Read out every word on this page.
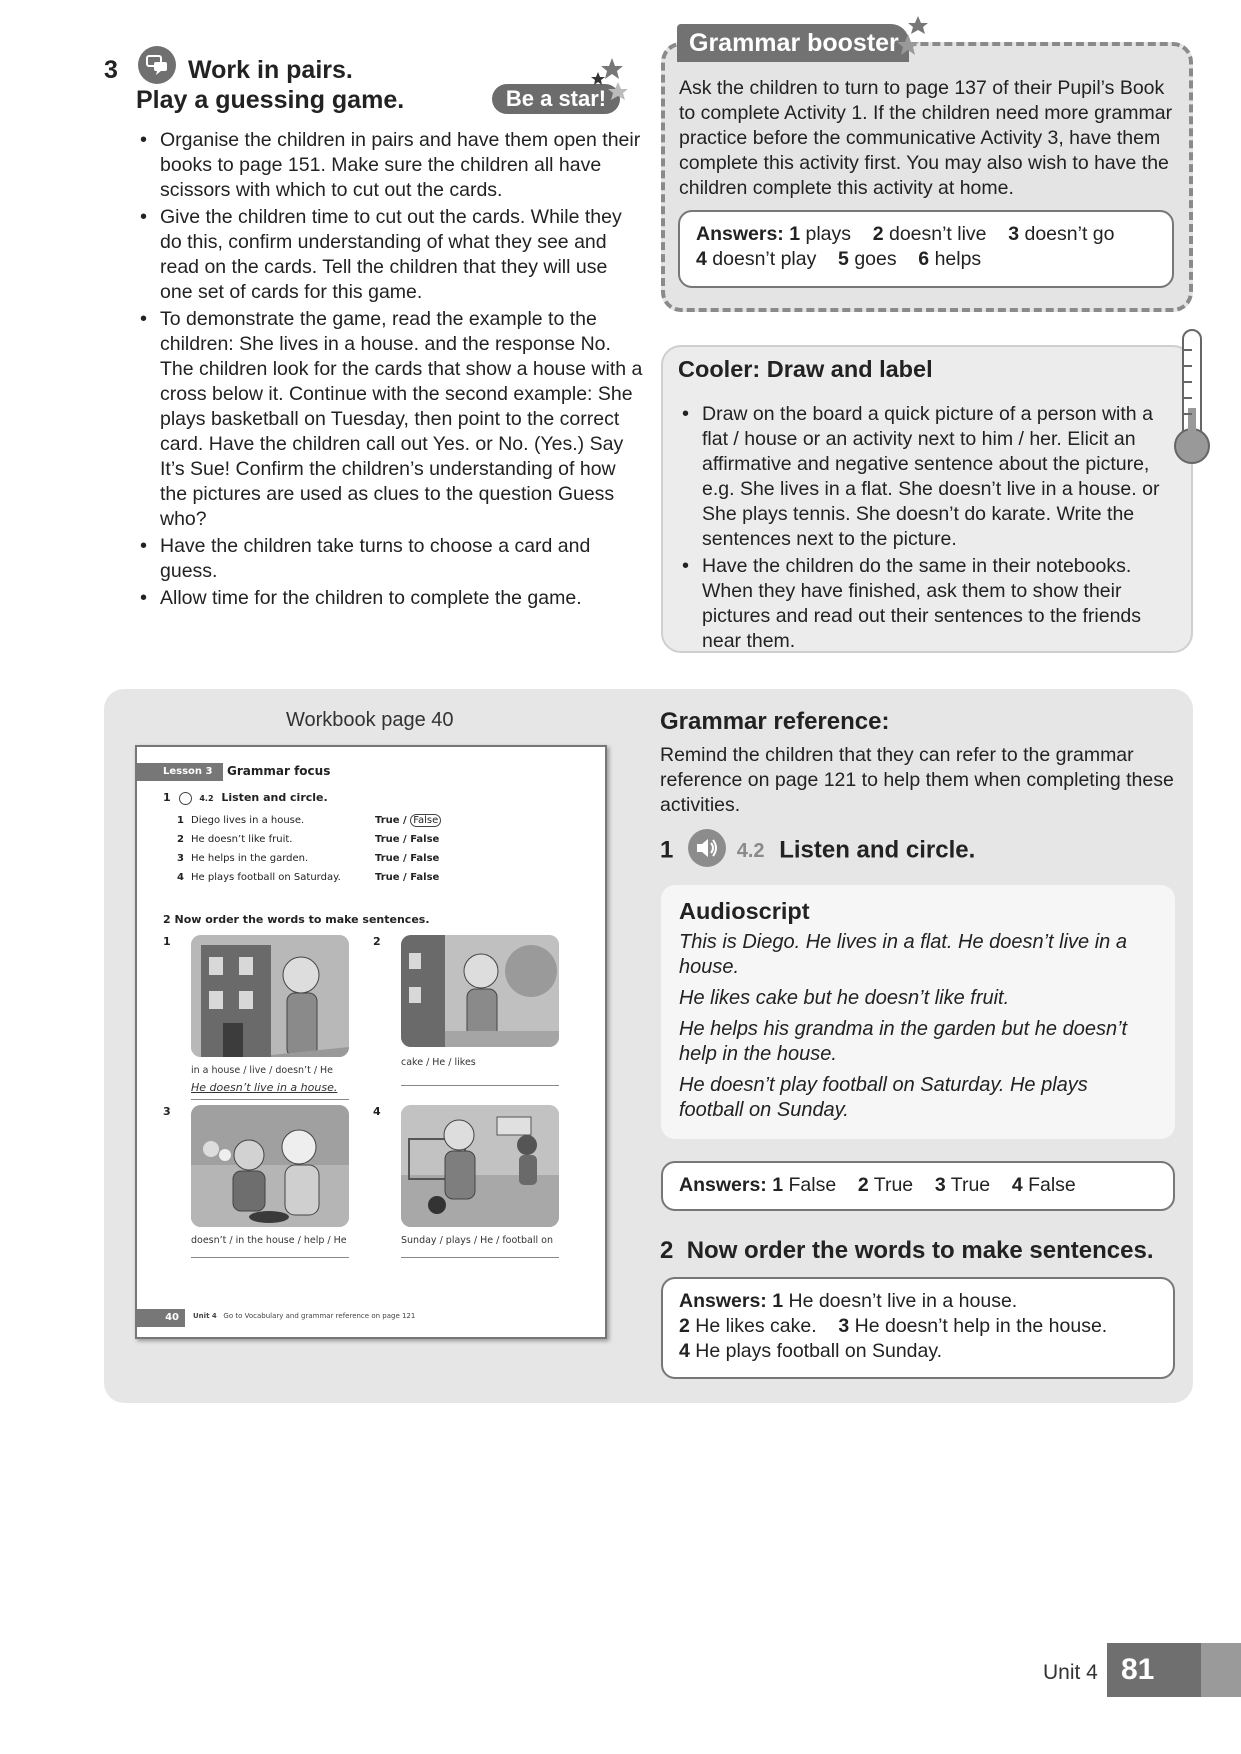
3	Work in pairs.
Play a guessing game.	Be a star!
• Organise the children in pairs and have them open their books to page 151. Make sure the children all have scissors with which to cut out the cards.
• Give the children time to cut out the cards. While they do this, confirm understanding of what they see and read on the cards. Tell the children that they will use one set of cards for this game.
• To demonstrate the game, read the example to the children: She lives in a house. and the response No. The children look for the cards that show a house with a cross below it. Continue with the second example: She plays basketball on Tuesday, then point to the correct card. Have the children call out Yes. or No. (Yes.) Say It’s Sue! Confirm the children’s understanding of how the pictures are used as clues to the question Guess who?
• Have the children take turns to choose a card and guess.
• Allow time for the children to complete the game.
Grammar booster
Ask the children to turn to page 137 of their Pupil’s Book to complete Activity 1. If the children need more grammar practice before the communicative Activity 3, have them complete this activity first. You may also wish to have the children complete this activity at home.
Answers: 1 plays 2 doesn’t live 3 doesn’t go
4 doesn’t play 5 goes 6 helps
Cooler: Draw and label
• Draw on the board a quick picture of a person with a flat / house or an activity next to him / her. Elicit an affirmative and negative sentence about the picture, e.g. She lives in a flat. She doesn’t live in a house. or She plays tennis. She doesn’t do karate. Write the sentences next to the picture.
• Have the children do the same in their notebooks. When they have finished, ask them to show their pictures and read out their sentences to the friends near them.
Workbook page 40
Lesson 3	Grammar focus
1	4.2 Listen and circle.
1 Diego lives in a house.	True / False
2 He doesn’t like fruit.	True / False
3 He helps in the garden.	True / False
4 He plays football on Saturday.	True / False
2 Now order the words to make sentences.
1
in a house / live / doesn’t / He
He doesn’t live in a house.
2
cake / He / likes
3
doesn’t / in the house / help / He
4
Sunday / plays / He / football on
40	Unit 4 Go to Vocabulary and grammar reference on page 121
Grammar reference:
Remind the children that they can refer to the grammar reference on page 121 to help them when completing these activities.
1	4.2 Listen and circle.
Audioscript

This is Diego. He lives in a flat. He doesn’t live in a house.

He likes cake but he doesn’t like fruit.

He helps his grandma in the garden but he doesn’t help in the house.

He doesn’t play football on Saturday. He plays football on Sunday.

Answers: 1 False 2 True 3 True 4 False
2 Now order the words to make sentences.
Answers: 1 He doesn’t live in a house.
2 He likes cake. 3 He doesn’t help in the house.
4 He plays football on Sunday.
Unit 4 81
